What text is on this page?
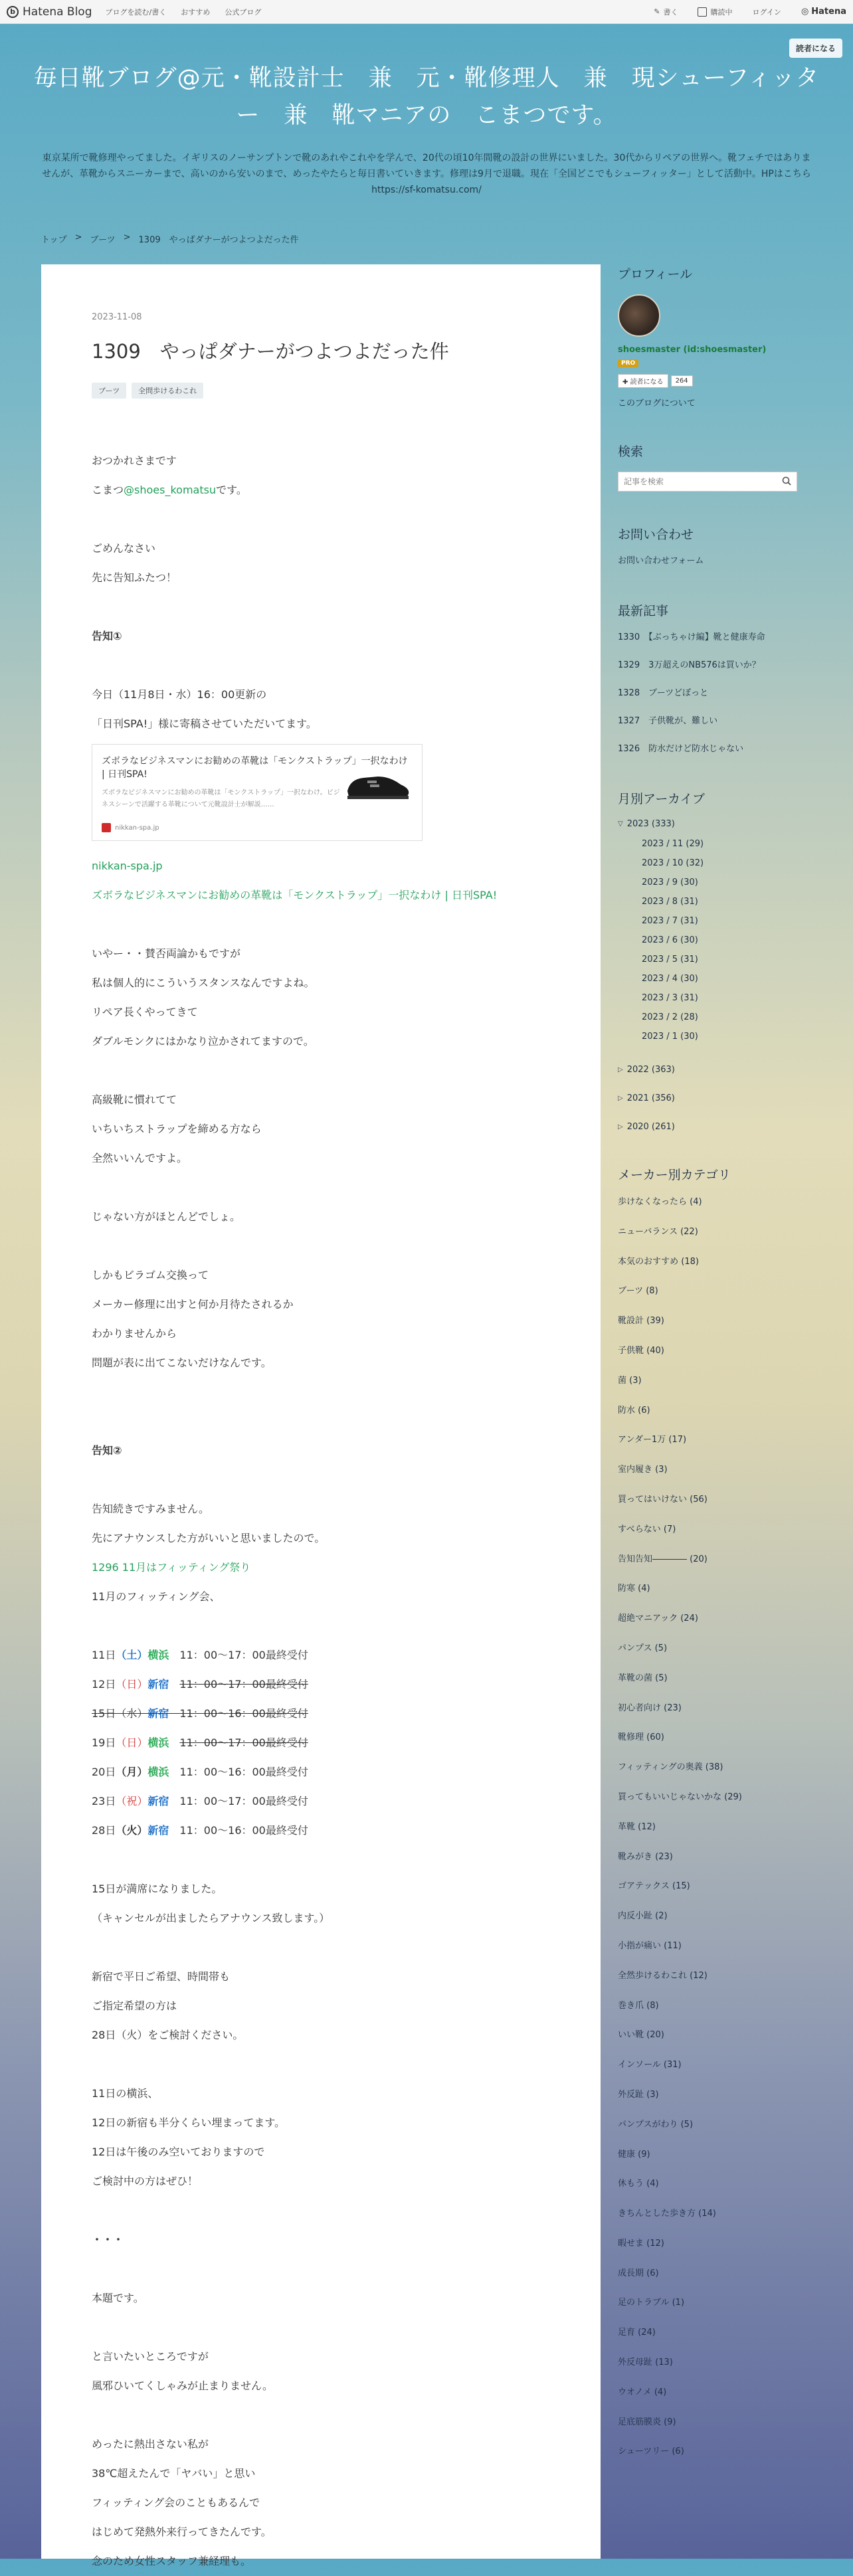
b Hatena Blog ブログを読む/書く おすすめ 公式ブログ	✎ 書く	購読中	ログイン ◎ Hatena
読者になる
毎日靴ブログ@元・靴設計士　兼　元・靴修理人　兼　現シューフィッター　兼　靴マニアの　こまつです。

東京某所で靴修理やってました。イギリスのノーサンプトンで靴のあれやこれやを学んで、20代の頃10年間靴の設計の世界にいました。30代からリペアの世界へ。靴フェチではありませんが、革靴からスニーカーまで、高いのから安いのまで、めったやたらと毎日書いていきます。修理は9月で退職。現在「全国どこでもシューフィッター」として活動中。HPはこちらhttps://sf-komatsu.com/

トップ > ブーツ > 1309　やっぱダナーがつよつよだった件
2023-11-08
1309　やっぱダナーがつよつよだった件
ブーツ	全問歩けるわこれ
おつかれさまです
こまつ@shoes_komatsuです。
ごめんなさい
先に告知ふたつ！
告知①
今日（11月8日・水）16：00更新の
「日刊SPA!」様に寄稿させていただいてます。
ズボラなビジネスマンにお勧めの革靴は「モンクストラップ」一択なわけ | 日刊SPA!
ズボラなビジネスマンにお勧めの革靴は「モンクストラップ」一択なわけ。ビジネスシーンで活躍する革靴について元靴設計士が解説……
nikkan-spa.jp
nikkan-spa.jp
ズボラなビジネスマンにお勧めの革靴は「モンクストラップ」一択なわけ | 日刊SPA!
いやー・・賛否両論かもですが
私は個人的にこういうスタンスなんですよね。
リペア長くやってきて
ダブルモンクにはかなり泣かされてますので。
高級靴に慣れてて
いちいちストラップを締める方なら
全然いいんですよ。
じゃない方がほとんどでしょ。
しかもビラゴム交換って
メーカー修理に出すと何か月待たされるか
わかりませんから
問題が表に出てこないだけなんです。
告知②
告知続きですみません。
先にアナウンスした方がいいと思いましたので。
1296 11月はフィッティング祭り
11月のフィッティング会、
11日（土）横浜　 11：00〜17：00最終受付
12日（日）新宿　 11：00〜17：00最終受付
15日（水）新宿　 11：00〜16：00最終受付
19日（日）横浜　 11：00〜17：00最終受付
20日（月）横浜　 11：00〜16：00最終受付
23日（祝）新宿　 11：00〜17：00最終受付
28日（火）新宿　 11：00〜16：00最終受付
15日が満席になりました。
（キャンセルが出ましたらアナウンス致します。）
新宿で平日ご希望、時間帯も
ご指定希望の方は
28日（火）をご検討ください。
11日の横浜、
12日の新宿も半分くらい埋まってます。
12日は午後のみ空いておりますので
ご検討中の方はぜひ！
・・・
本題です。
と言いたいところですが
風邪ひいてくしゃみが止まりません。
めったに熱出さない私が
38℃超えたんで「ヤバい」と思い
フィッティング会のこともあるんで
はじめて発熱外来行ってきたんです。
念のため女性スタッフ兼経理も。
プロフィール
shoesmaster (id:shoesmaster)
PRO
✚ 読者になる	264
このブログについて
検索
記事を検索
お問い合わせ
お問い合わせフォーム
最新記事
1330　【ぶっちゃけ編】靴と健康寿命
1329　3万超えのNB576は買いか？
1328　ブーツどぼっと
1327　子供靴が、難しい
1326　防水だけど防水じゃない
月別アーカイブ
▽ 2023 (333)
2023 / 11 (29)
2023 / 10 (32)
2023 / 9 (30)
2023 / 8 (31)
2023 / 7 (31)
2023 / 6 (30)
2023 / 5 (31)
2023 / 4 (30)
2023 / 3 (31)
2023 / 2 (28)
2023 / 1 (30)
▷ 2022 (363)
▷ 2021 (356)
▷ 2020 (261)
メーカー別カテゴリ
歩けなくなったら (4)
ニューバランス (22)
本気のおすすめ (18)
ブーツ (8)
靴設計 (39)
子供靴 (40)
菌 (3)
防水 (6)
アンダー1万 (17)
室内履き (3)
買ってはいけない (56)
すべらない (7)
告知告知―――― (20)
防寒 (4)
超絶マニアック (24)
パンプス (5)
革靴の菌 (5)
初心者向け (23)
靴修理 (60)
フィッティングの奥義 (38)
買ってもいいじゃないかな (29)
革靴 (12)
靴みがき (23)
ゴアテックス (15)
内反小趾 (2)
小指が痛い (11)
全然歩けるわこれ (12)
巻き爪 (8)
いい靴 (20)
インソール (31)
外反趾 (3)
パンプスがわり (5)
健康 (9)
休もう (4)
きちんとした歩き方 (14)
暇せま (12)
成長期 (6)
足のトラブル (1)
足育 (24)
外反母趾 (13)
ウオノメ (4)
足底筋膜炎 (9)
シューツリー (6)
